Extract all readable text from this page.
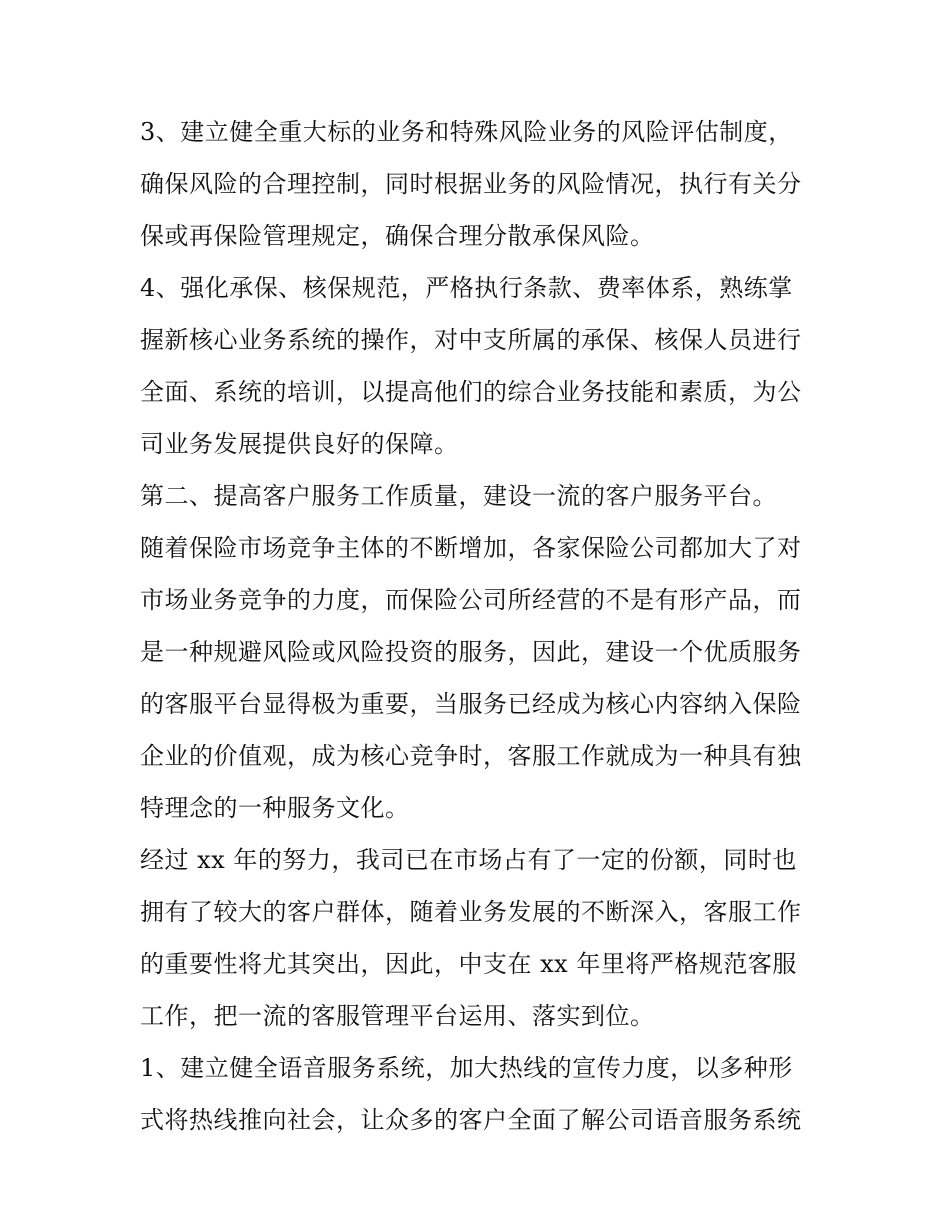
3、建立健全重大标的业务和特殊风险业务的风险评估制度，
确保风险的合理控制，同时根据业务的风险情况，执行有关分
保或再保险管理规定，确保合理分散承保风险。
4、强化承保、核保规范，严格执行条款、费率体系，熟练掌
握新核心业务系统的操作，对中支所属的承保、核保人员进行
全面、系统的培训，以提高他们的综合业务技能和素质，为公
司业务发展提供良好的保障。
第二、提高客户服务工作质量，建设一流的客户服务平台。
随着保险市场竞争主体的不断增加，各家保险公司都加大了对
市场业务竞争的力度，而保险公司所经营的不是有形产品，而
是一种规避风险或风险投资的服务，因此，建设一个优质服务
的客服平台显得极为重要，当服务已经成为核心内容纳入保险
企业的价值观，成为核心竞争时，客服工作就成为一种具有独
特理念的一种服务文化。
经过 xx 年的努力，我司已在市场占有了一定的份额，同时也
拥有了较大的客户群体，随着业务发展的不断深入，客服工作
的重要性将尤其突出，因此，中支在 xx 年里将严格规范客服
工作，把一流的客服管理平台运用、落实到位。
1、建立健全语音服务系统，加大热线的宣传力度，以多种形
式将热线推向社会，让众多的客户全面了解公司语音服务系统
